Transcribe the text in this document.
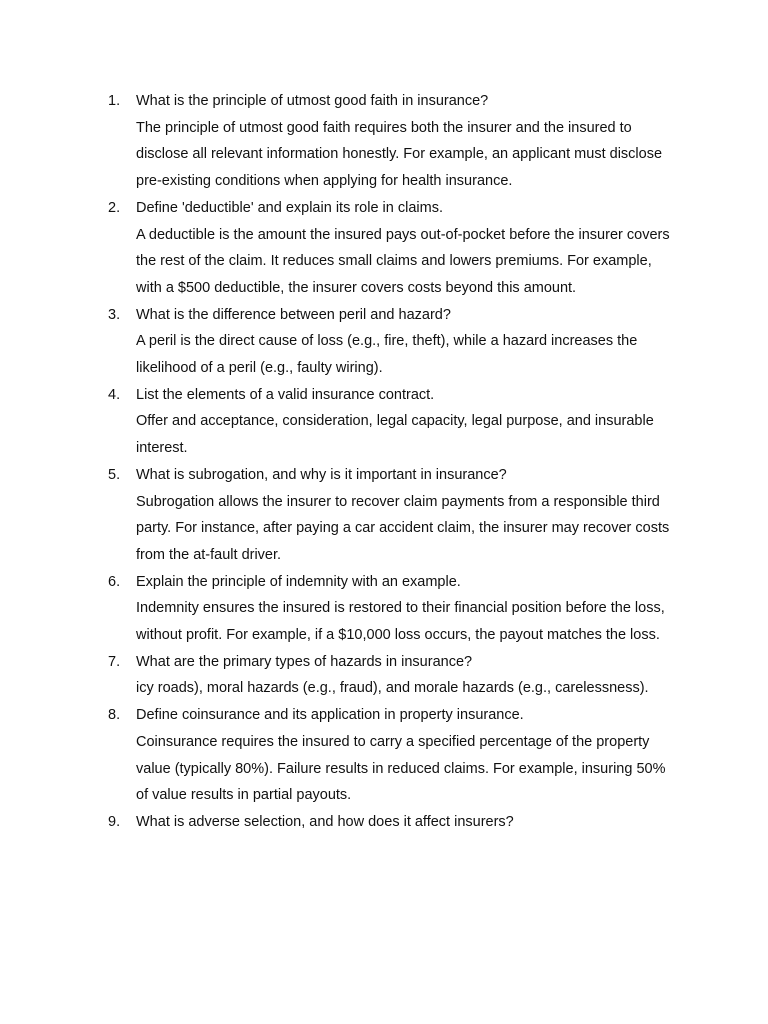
1.	What is the principle of utmost good faith in insurance?
The principle of utmost good faith requires both the insurer and the insured to disclose all relevant information honestly. For example, an applicant must disclose pre-existing conditions when applying for health insurance.
2.	Define 'deductible' and explain its role in claims.
A deductible is the amount the insured pays out-of-pocket before the insurer covers the rest of the claim. It reduces small claims and lowers premiums. For example, with a $500 deductible, the insurer covers costs beyond this amount.
3.	What is the difference between peril and hazard?
A peril is the direct cause of loss (e.g., fire, theft), while a hazard increases the likelihood of a peril (e.g., faulty wiring).
4.	List the elements of a valid insurance contract.
Offer and acceptance, consideration, legal capacity, legal purpose, and insurable interest.
5.	What is subrogation, and why is it important in insurance?
Subrogation allows the insurer to recover claim payments from a responsible third party. For instance, after paying a car accident claim, the insurer may recover costs from the at-fault driver.
6.	Explain the principle of indemnity with an example.
Indemnity ensures the insured is restored to their financial position before the loss, without profit. For example, if a $10,000 loss occurs, the payout matches the loss.
7.	What are the primary types of hazards in insurance?
icy roads), moral hazards (e.g., fraud), and morale hazards (e.g., carelessness).
8.	Define coinsurance and its application in property insurance.
Coinsurance requires the insured to carry a specified percentage of the property value (typically 80%). Failure results in reduced claims. For example, insuring 50% of value results in partial payouts.
9.	What is adverse selection, and how does it affect insurers?
